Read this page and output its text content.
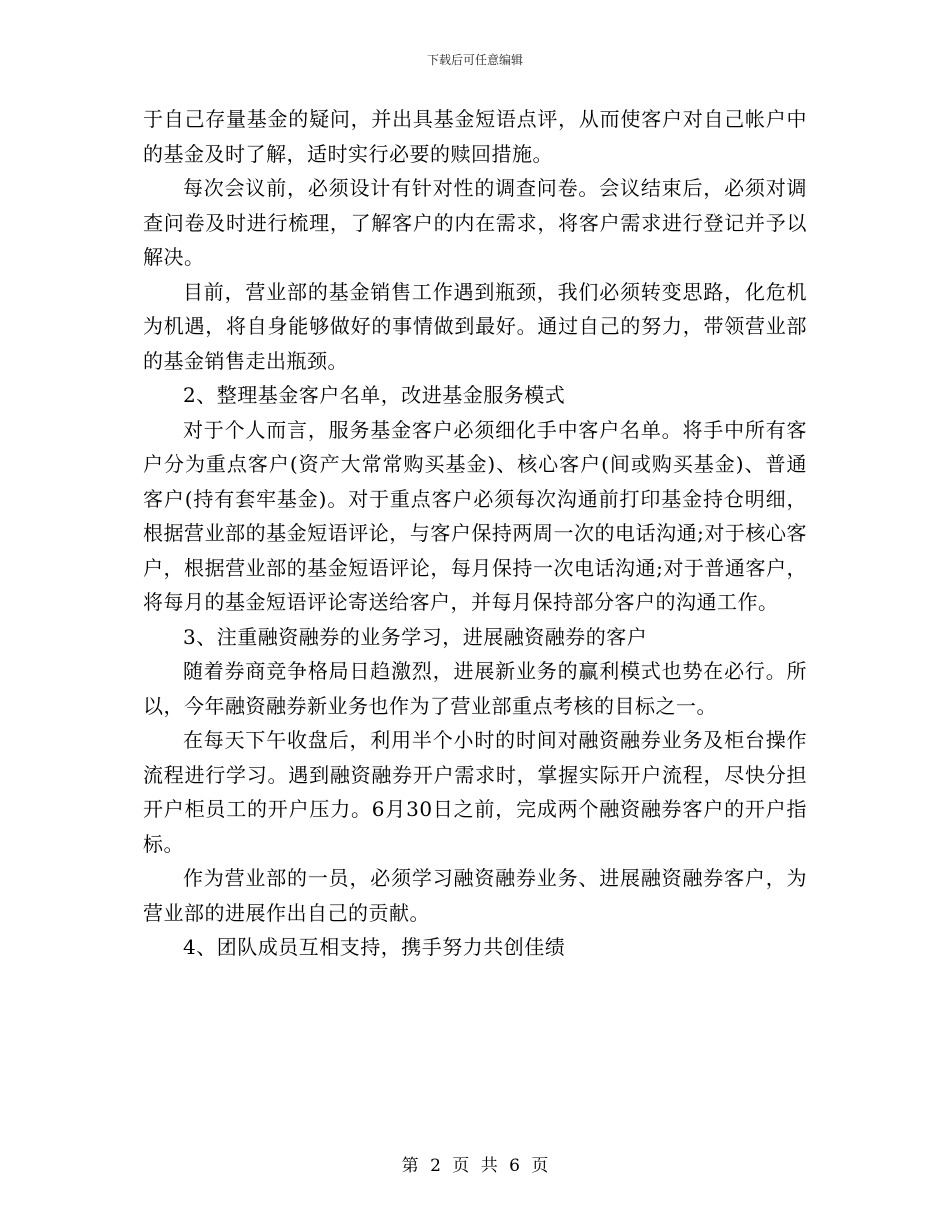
下载后可任意编辑

于自己存量基金的疑问，并出具基金短语点评，从而使客户对自己帐户中的基金及时了解，适时实行必要的赎回措施。

每次会议前，必须设计有针对性的调查问卷。会议结束后，必须对调查问卷及时进行梳理，了解客户的内在需求，将客户需求进行登记并予以解决。

目前，营业部的基金销售工作遇到瓶颈，我们必须转变思路，化危机为机遇，将自身能够做好的事情做到最好。通过自己的努力，带领营业部的基金销售走出瓶颈。

2、整理基金客户名单，改进基金服务模式

对于个人而言，服务基金客户必须细化手中客户名单。将手中所有客户分为重点客户(资产大常常购买基金)、核心客户(间或购买基金)、普通客户(持有套牢基金)。对于重点客户必须每次沟通前打印基金持仓明细，根据营业部的基金短语评论，与客户保持两周一次的电话沟通;对于核心客户，根据营业部的基金短语评论，每月保持一次电话沟通;对于普通客户，将每月的基金短语评论寄送给客户，并每月保持部分客户的沟通工作。

3、注重融资融券的业务学习，进展融资融券的客户

随着券商竞争格局日趋激烈，进展新业务的赢利模式也势在必行。所以，今年融资融券新业务也作为了营业部重点考核的目标之一。

在每天下午收盘后，利用半个小时的时间对融资融券业务及柜台操作流程进行学习。遇到融资融券开户需求时，掌握实际开户流程，尽快分担开户柜员工的开户压力。6月30日之前，完成两个融资融券客户的开户指标。

作为营业部的一员，必须学习融资融券业务、进展融资融券客户，为营业部的进展作出自己的贡献。

4、团队成员互相支持，携手努力共创佳绩

第 2 页 共 6 页
